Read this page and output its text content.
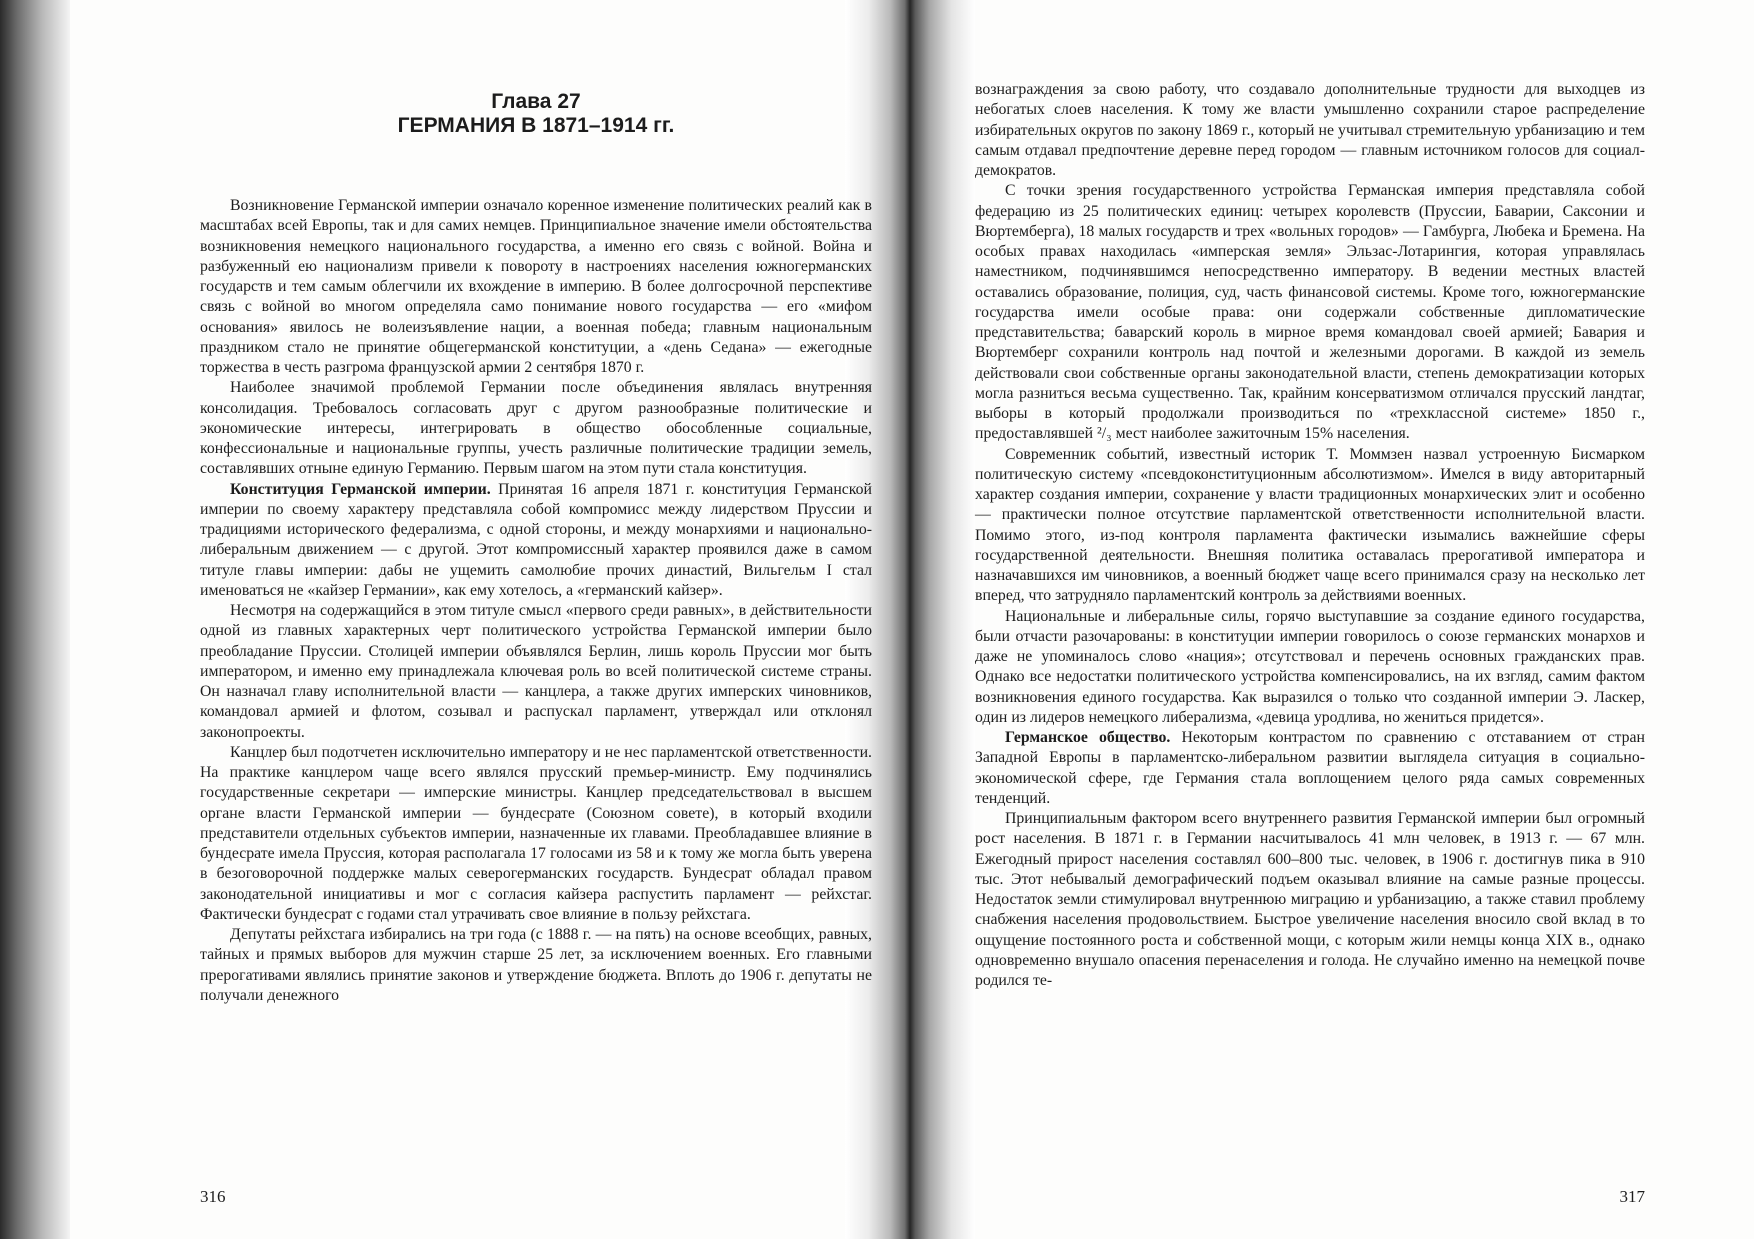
Глава 27
ГЕРМАНИЯ В 1871–1914 гг.

Возникновение Германской империи означало коренное изменение политических реалий как в масштабах всей Европы, так и для самих немцев. Принципиальное значение имели обстоятельства возникновения немецкого национального государства, а именно его связь с войной. Война и разбуженный ею национализм привели к повороту в настроениях населения южногерманских государств и тем самым облегчили их вхождение в империю. В более долгосрочной перспективе связь с войной во многом определяла само понимание нового государства — его «мифом основания» явилось не волеизъявление нации, а военная победа; главным национальным праздником стало не принятие общегерманской конституции, а «день Седана» — ежегодные торжества в честь разгрома французской армии 2 сентября 1870 г.

Наиболее значимой проблемой Германии после объединения являлась внутренняя консолидация. Требовалось согласовать друг с другом разнообразные политические и экономические интересы, интегрировать в общество обособленные социальные, конфессиональные и национальные группы, учесть различные политические традиции земель, составлявших отныне единую Германию. Первым шагом на этом пути стала конституция.

Конституция Германской империи. Принятая 16 апреля 1871 г. конституция Германской империи по своему характеру представляла собой компромисс между лидерством Пруссии и традициями исторического федерализма, с одной стороны, и между монархиями и национально-либеральным движением — с другой. Этот компромиссный характер проявился даже в самом титуле главы империи: дабы не ущемить самолюбие прочих династий, Вильгельм I стал именоваться не «кайзер Германии», как ему хотелось, а «германский кайзер».

Несмотря на содержащийся в этом титуле смысл «первого среди равных», в действительности одной из главных характерных черт политического устройства Германской империи было преобладание Пруссии. Столицей империи объявлялся Берлин, лишь король Пруссии мог быть императором, и именно ему принадлежала ключевая роль во всей политической системе страны. Он назначал главу исполнительной власти — канцлера, а также других имперских чиновников, командовал армией и флотом, созывал и распускал парламент, утверждал или отклонял законопроекты.

Канцлер был подотчетен исключительно императору и не нес парламентской ответственности. На практике канцлером чаще всего являлся прусский премьер-министр. Ему подчинялись государственные секретари — имперские министры. Канцлер председательствовал в высшем органе власти Германской империи — бундесрате (Союзном совете), в который входили представители отдельных субъектов империи, назначенные их главами. Преобладавшее влияние в бундесрате имела Пруссия, которая располагала 17 голосами из 58 и к тому же могла быть уверена в безоговорочной поддержке малых северогерманских государств. Бундесрат обладал правом законодательной инициативы и мог с согласия кайзера распустить парламент — рейхстаг. Фактически бундесрат с годами стал утрачивать свое влияние в пользу рейхстага.

Депутаты рейхстага избирались на три года (с 1888 г. — на пять) на основе всеобщих, равных, тайных и прямых выборов для мужчин старше 25 лет, за исключением военных. Его главными прерогативами являлись принятие законов и утверждение бюджета. Вплоть до 1906 г. депутаты не получали денежного

316

вознаграждения за свою работу, что создавало дополнительные трудности для выходцев из небогатых слоев населения. К тому же власти умышленно сохранили старое распределение избирательных округов по закону 1869 г., который не учитывал стремительную урбанизацию и тем самым отдавал предпочтение деревне перед городом — главным источником голосов для социал-демократов.

С точки зрения государственного устройства Германская империя представляла собой федерацию из 25 политических единиц: четырех королевств (Пруссии, Баварии, Саксонии и Вюртемберга), 18 малых государств и трех «вольных городов» — Гамбурга, Любека и Бремена. На особых правах находилась «имперская земля» Эльзас-Лотарингия, которая управлялась наместником, подчинявшимся непосредственно императору. В ведении местных властей оставались образование, полиция, суд, часть финансовой системы. Кроме того, южногерманские государства имели особые права: они содержали собственные дипломатические представительства; баварский король в мирное время командовал своей армией; Бавария и Вюртемберг сохранили контроль над почтой и железными дорогами. В каждой из земель действовали свои собственные органы законодательной власти, степень демократизации которых могла разниться весьма существенно. Так, крайним консерватизмом отличался прусский ландтаг, выборы в который продолжали производиться по «трехклассной системе» 1850 г., предоставлявшей ²/₃ мест наиболее зажиточным 15% населения.

Современник событий, известный историк Т. Моммзен назвал устроенную Бисмарком политическую систему «псевдоконституционным абсолютизмом». Имелся в виду авторитарный характер создания империи, сохранение у власти традиционных монархических элит и особенно — практически полное отсутствие парламентской ответственности исполнительной власти. Помимо этого, из-под контроля парламента фактически изымались важнейшие сферы государственной деятельности. Внешняя политика оставалась прерогативой императора и назначавшихся им чиновников, а военный бюджет чаще всего принимался сразу на несколько лет вперед, что затрудняло парламентский контроль за действиями военных.

Национальные и либеральные силы, горячо выступавшие за создание единого государства, были отчасти разочарованы: в конституции империи говорилось о союзе германских монархов и даже не упоминалось слово «нация»; отсутствовал и перечень основных гражданских прав. Однако все недостатки политического устройства компенсировались, на их взгляд, самим фактом возникновения единого государства. Как выразился о только что созданной империи Э. Ласкер, один из лидеров немецкого либерализма, «девица уродлива, но жениться придется».

Германское общество. Некоторым контрастом по сравнению с отставанием от стран Западной Европы в парламентско-либеральном развитии выглядела ситуация в социально-экономической сфере, где Германия стала воплощением целого ряда самых современных тенденций.

Принципиальным фактором всего внутреннего развития Германской империи был огромный рост населения. В 1871 г. в Германии насчитывалось 41 млн человек, в 1913 г. — 67 млн. Ежегодный прирост населения составлял 600–800 тыс. человек, в 1906 г. достигнув пика в 910 тыс. Этот небывалый демографический подъем оказывал влияние на самые разные процессы. Недостаток земли стимулировал внутреннюю миграцию и урбанизацию, а также ставил проблему снабжения населения продовольствием. Быстрое увеличение населения вносило свой вклад в то ощущение постоянного роста и собственной мощи, с которым жили немцы конца XIX в., однако одновременно внушало опасения перенаселения и голода. Не случайно именно на немецкой почве родился те-

317
